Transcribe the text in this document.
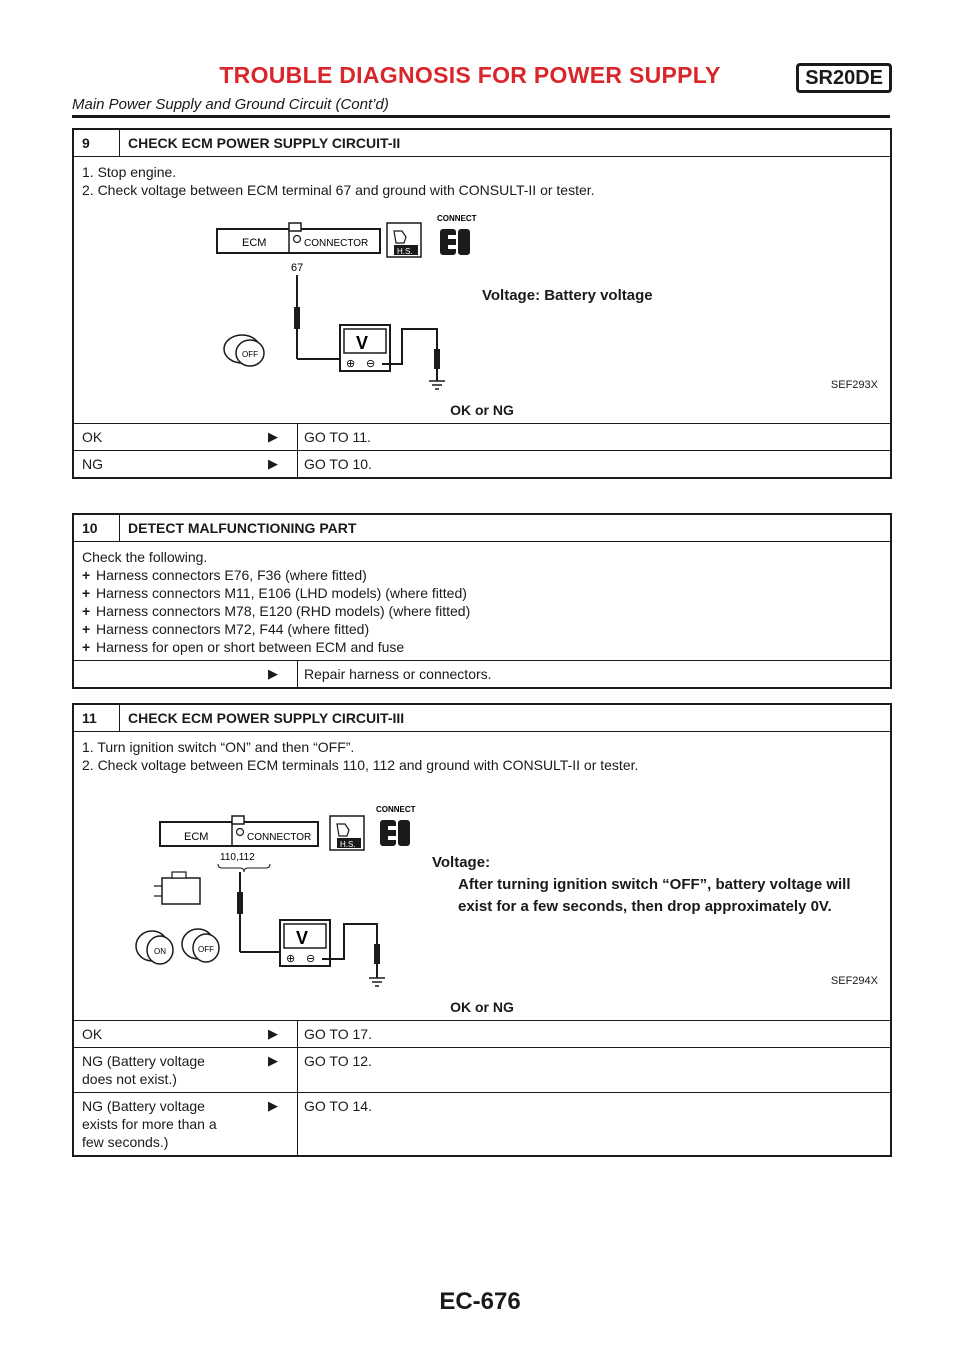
TROUBLE DIAGNOSIS FOR POWER SUPPLY	SR20DE
Main Power Supply and Ground Circuit (Cont’d)
9	CHECK ECM POWER SUPPLY CIRCUIT-II
1. Stop engine.
2. Check voltage between ECM terminal 67 and ground with CONSULT-II or tester.
ECM	CONNECTOR
H.S.
CONNECT
67
V
⊕ ⊖
OFF
Voltage: Battery voltage
SEF293X
OK or NG
OK	▶	GO TO 11.
NG	▶	GO TO 10.
10	DETECT MALFUNCTIONING PART
Check the following.
+ Harness connectors E76, F36 (where fitted)
+ Harness connectors M11, E106 (LHD models) (where fitted)
+ Harness connectors M78, E120 (RHD models) (where fitted)
+ Harness connectors M72, F44 (where fitted)
+ Harness for open or short between ECM and fuse
▶	Repair harness or connectors.
11	CHECK ECM POWER SUPPLY CIRCUIT-III
1. Turn ignition switch “ON” and then “OFF”.
2. Check voltage between ECM terminals 110, 112 and ground with CONSULT-II or tester.
ECM	CONNECTOR
H.S.
CONNECT
110,112
V
⊕ ⊖
ON	OFF
Voltage:
After turning ignition switch “OFF”, battery voltage will
exist for a few seconds, then drop approximately 0V.
SEF294X
OK or NG
OK	▶	GO TO 17.
NG (Battery voltage
does not exist.)
▶	GO TO 12.
NG (Battery voltage
exists for more than a
few seconds.)
▶	GO TO 14.
EC-676
